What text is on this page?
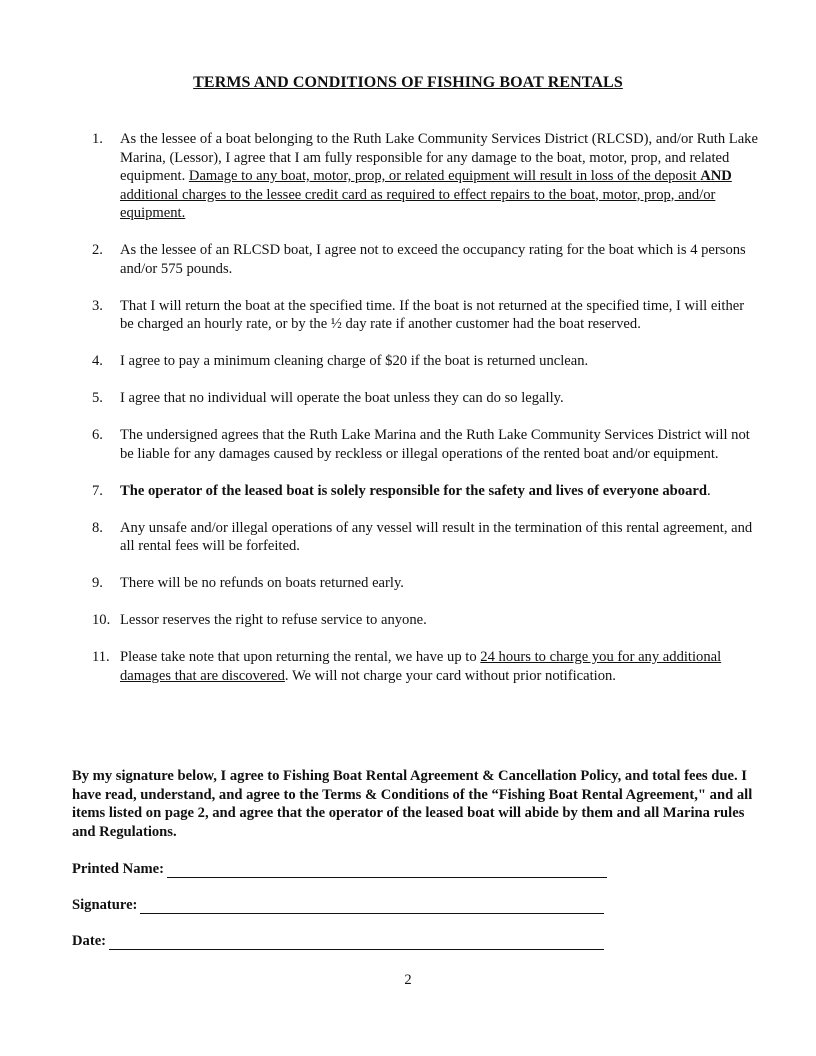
TERMS AND CONDITIONS OF FISHING BOAT RENTALS
1.	As the lessee of a boat belonging to the Ruth Lake Community Services District (RLCSD), and/or Ruth Lake Marina, (Lessor), I agree that I am fully responsible for any damage to the boat, motor, prop, and related equipment. Damage to any boat, motor, prop, or related equipment will result in loss of the deposit AND additional charges to the lessee credit card as required to effect repairs to the boat, motor, prop, and/or equipment.
2.	As the lessee of an RLCSD boat, I agree not to exceed the occupancy rating for the boat which is 4 persons and/or 575 pounds.
3.	That I will return the boat at the specified time. If the boat is not returned at the specified time, I will either be charged an hourly rate, or by the ½ day rate if another customer had the boat reserved.
4.	I agree to pay a minimum cleaning charge of $20 if the boat is returned unclean.
5.	I agree that no individual will operate the boat unless they can do so legally.
6.	The undersigned agrees that the Ruth Lake Marina and the Ruth Lake Community Services District will not be liable for any damages caused by reckless or illegal operations of the rented boat and/or equipment.
7.	The operator of the leased boat is solely responsible for the safety and lives of everyone aboard.
8.	Any unsafe and/or illegal operations of any vessel will result in the termination of this rental agreement, and all rental fees will be forfeited.
9.	There will be no refunds on boats returned early.
10. Lessor reserves the right to refuse service to anyone.
11. Please take note that upon returning the rental, we have up to 24 hours to charge you for any additional damages that are discovered. We will not charge your card without prior notification.

By my signature below, I agree to Fishing Boat Rental Agreement & Cancellation Policy, and total fees due. I have read, understand, and agree to the Terms & Conditions of the “Fishing Boat Rental Agreement," and all items listed on page 2, and agree that the operator of the leased boat will abide by them and all Marina rules and Regulations.

Printed Name:
Signature:
Date:
2
